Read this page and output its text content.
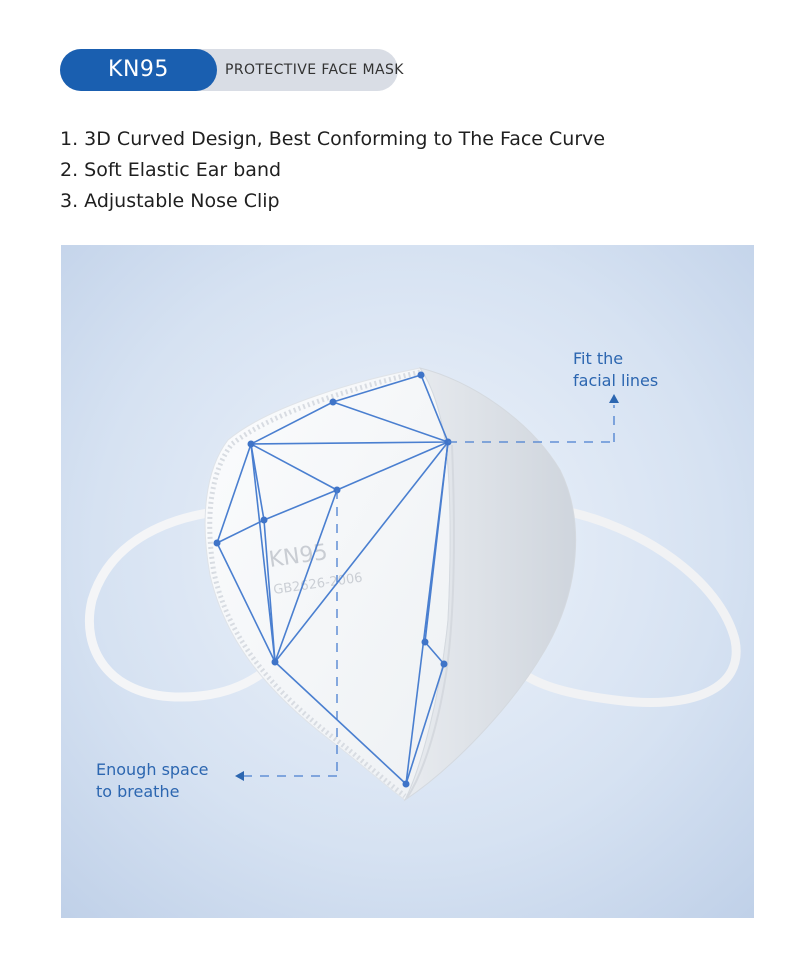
KN95	PROTECTIVE FACE MASK
1. 3D Curved Design, Best Conforming to The Face Curve
2. Soft Elastic Ear band
3. Adjustable Nose Clip
KN95
GB2626-2006
Fit the
facial lines
Enough space
to breathe
